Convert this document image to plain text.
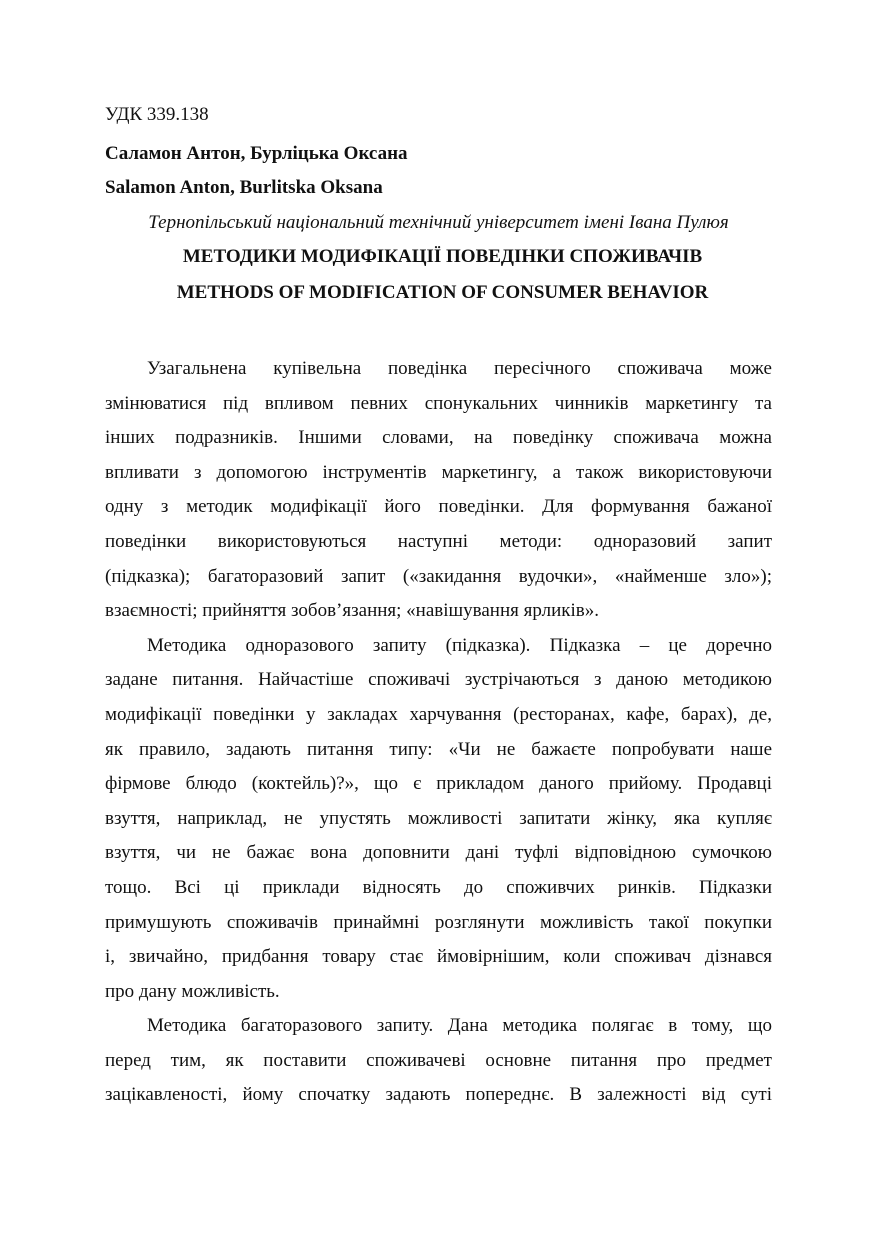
УДК 339.138

Саламон Антон, Бурліцька Оксана

Salamon Anton, Burlitska Oksana

Тернопільський національний технічний університет імені Івана Пулюя

МЕТОДИКИ МОДИФІКАЦІЇ ПОВЕДІНКИ СПОЖИВАЧІВ

METHODS OF MODIFICATION OF CONSUMER BEHAVIOR

Узагальнена купівельна поведінка пересічного споживача може
змінюватися під впливом певних спонукальних чинників маркетингу та
інших подразників. Іншими словами, на поведінку споживача можна
впливати з допомогою інструментів маркетингу, а також використовуючи
одну з методик модифікації його поведінки. Для формування бажаної
поведінки використовуються наступні методи: одноразовий запит
(підказка); багаторазовий запит («закидання вудочки», «найменше зло»);
взаємності; прийняття зобов’язання; «навішування ярликів».
Методика одноразового запиту (підказка). Підказка – це доречно
задане питання. Найчастіше споживачі зустрічаються з даною методикою
модифікації поведінки у закладах харчування (ресторанах, кафе, барах), де,
як правило, задають питання типу: «Чи не бажаєте попробувати наше
фірмове блюдо (коктейль)?», що є прикладом даного прийому. Продавці
взуття, наприклад, не упустять можливості запитати жінку, яка купляє
взуття, чи не бажає вона доповнити дані туфлі відповідною сумочкою
тощо. Всі ці приклади відносять до споживчих ринків. Підказки
примушують споживачів принаймні розглянути можливість такої покупки
і, звичайно, придбання товару стає ймовірнішим, коли споживач дізнався
про дану можливість.
Методика багаторазового запиту. Дана методика полягає в тому, що
перед тим, як поставити споживачеві основне питання про предмет
зацікавленості, йому спочатку задають попереднє. В залежності від суті
